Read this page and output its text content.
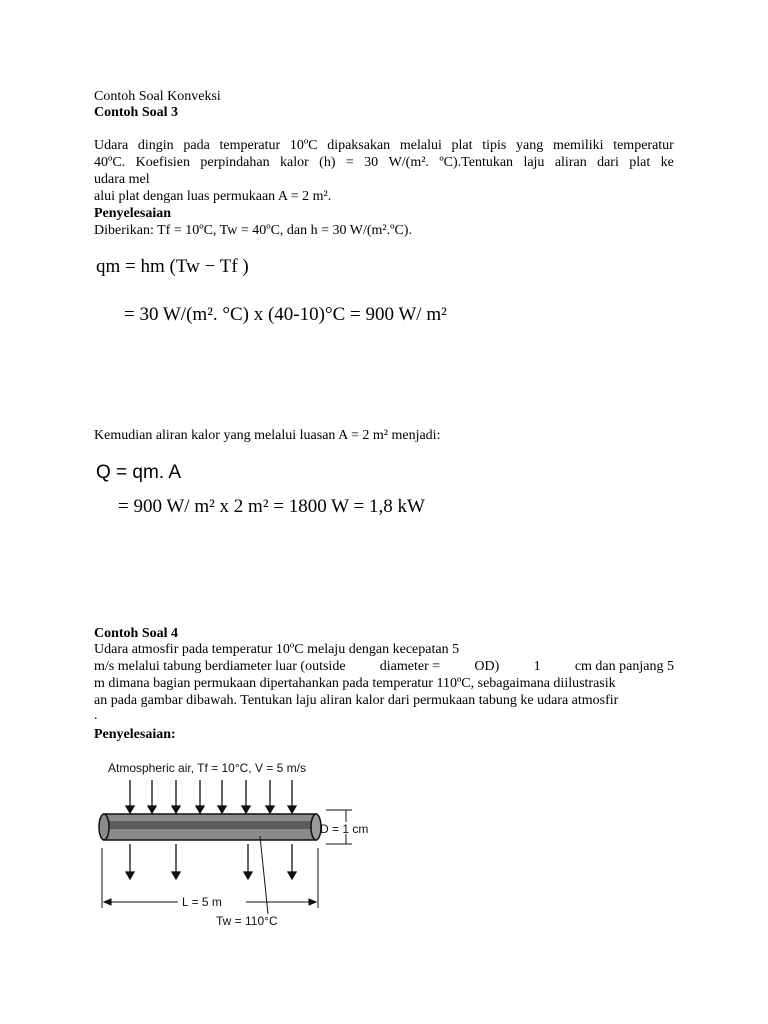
Contoh Soal Konveksi
Contoh Soal 3
Udara dingin pada temperatur 10ºC dipaksakan melalui plat tipis yang memiliki temperatur
40ºC. Koefisien perpindahan kalor (h) = 30 W/(m². ºC).Tentukan laju aliran dari plat ke
udara mel
alui plat dengan luas permukaan A = 2 m².
Penyelesaian
Diberikan: Tf = 10ºC, Tw = 40ºC, dan h = 30 W/(m².ºC).
qm = hm (Tw − Tf )
= 30 W/(m². °C) x (40-10)°C = 900 W/ m²
Kemudian aliran kalor yang melalui luasan A = 2 m² menjadi:
Q = qm. A
= 900 W/ m² x 2 m² = 1800 W = 1,8 kW
Contoh Soal 4
Udara atmosfir pada temperatur 10ºC melaju dengan kecepatan 5
m/s melalui tabung berdiameter luar (outside diameter = OD) 1 cm dan panjang 5
m dimana bagian permukaan dipertahankan pada temperatur 110ºC, sebagaimana diilustrasik
an pada gambar dibawah. Tentukan laju aliran kalor dari permukaan tabung ke udara atmosfir
.
Penyelesaian:
Atmospheric air, Tf = 10°C, V = 5 m/s
D = 1 cm
L = 5 m
Tw = 110°C
